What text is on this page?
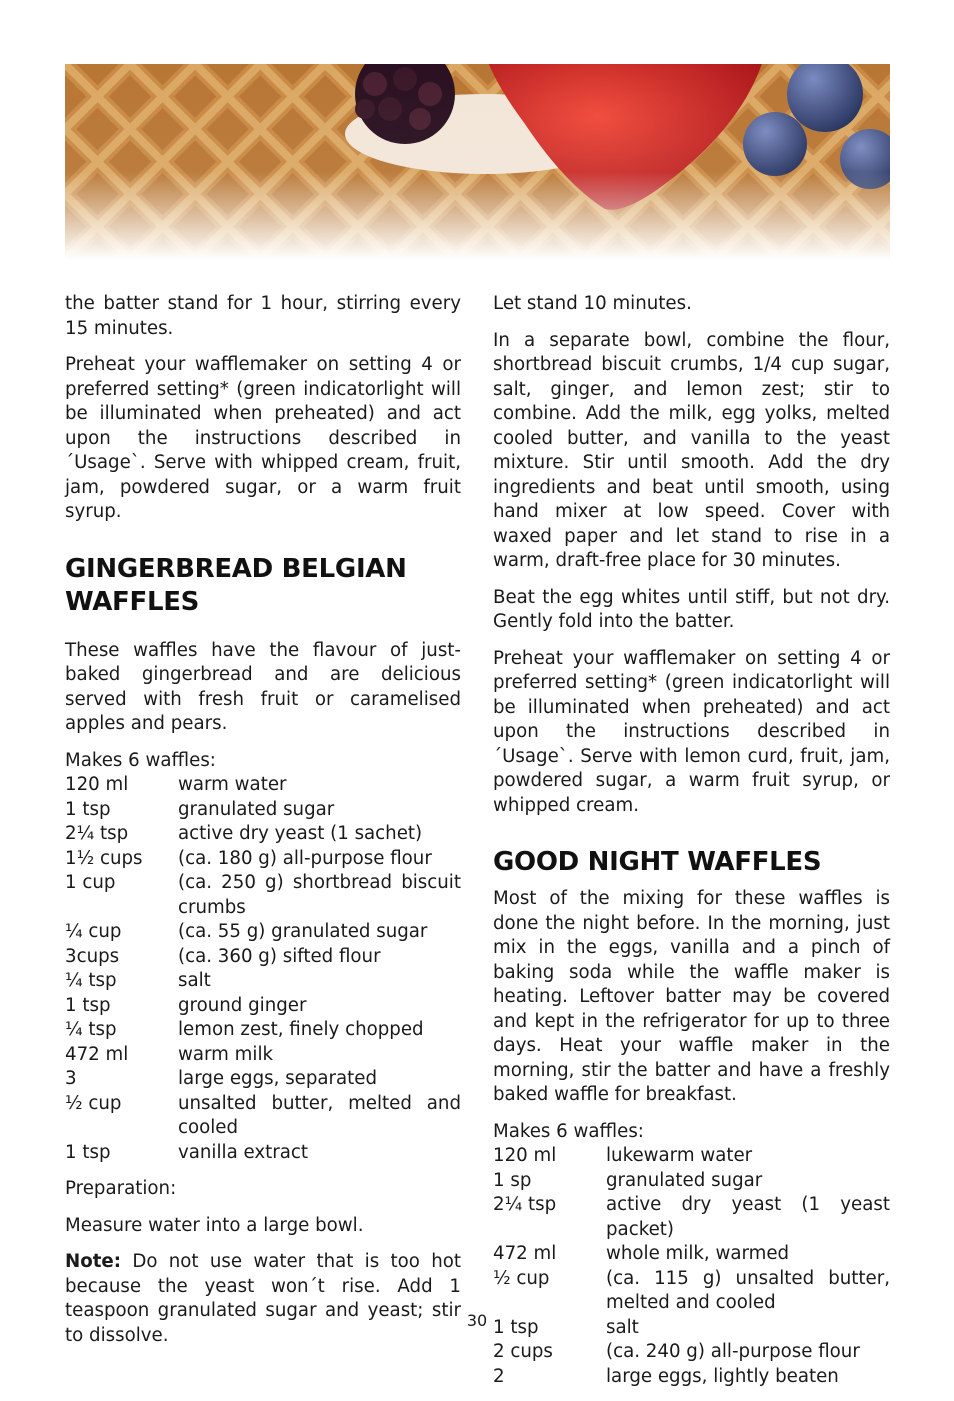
the batter stand for 1 hour, stirring every 15 minutes.

Preheat your wafflemaker on setting 4 or preferred setting* (green indicatorlight will be illuminated when preheated) and act upon the instructions described in ´Usage`. Serve with whipped cream, fruit, jam, powdered sugar, or a warm fruit syrup.

GINGERBREAD BELGIAN WAFFLES

These waffles have the flavour of just-baked gingerbread and are delicious served with fresh fruit or caramelised apples and pears.

Makes 6 waffles:

120 ml	warm water
1 tsp	granulated sugar
2¼ tsp	active dry yeast (1 sachet)
1½ cups	(ca. 180 g) all-purpose flour
1 cup	(ca. 250 g) shortbread biscuit crumbs
¼ cup	(ca. 55 g) granulated sugar
3cups	(ca. 360 g) sifted flour
¼ tsp	salt
1 tsp	ground ginger
¼ tsp	lemon zest, finely chopped
472 ml	warm milk
3	large eggs, separated
½ cup	unsalted butter, melted and cooled
1 tsp	vanilla extract

Preparation:

Measure water into a large bowl.

Note: Do not use water that is too hot because the yeast won´t rise. Add 1 teaspoon granulated sugar and yeast; stir to dissolve.

Let stand 10 minutes.

In a separate bowl, combine the flour, shortbread biscuit crumbs, 1/4 cup sugar, salt, ginger, and lemon zest; stir to combine. Add the milk, egg yolks, melted cooled butter, and vanilla to the yeast mixture. Stir until smooth. Add the dry ingredients and beat until smooth, using hand mixer at low speed. Cover with waxed paper and let stand to rise in a warm, draft-free place for 30 minutes.

Beat the egg whites until stiff, but not dry. Gently fold into the batter.

Preheat your wafflemaker on setting 4 or preferred setting* (green indicatorlight will be illuminated when preheated) and act upon the instructions described in ´Usage`. Serve with lemon curd, fruit, jam, powdered sugar, a warm fruit syrup, or whipped cream.

GOOD NIGHT WAFFLES

Most of the mixing for these waffles is done the night before. In the morning, just mix in the eggs, vanilla and a pinch of baking soda while the waffle maker is heating. Leftover batter may be covered and kept in the refrigerator for up to three days. Heat your waffle maker in the morning, stir the batter and have a freshly baked waffle for breakfast.

Makes 6 waffles:

120 ml	lukewarm water
1 sp	granulated sugar
2¼ tsp	active dry yeast (1 yeast packet)
472 ml	whole milk, warmed
½ cup	(ca. 115 g) unsalted butter, melted and cooled
1 tsp	salt
2 cups	(ca. 240 g) all-purpose flour
2	large eggs, lightly beaten
30
